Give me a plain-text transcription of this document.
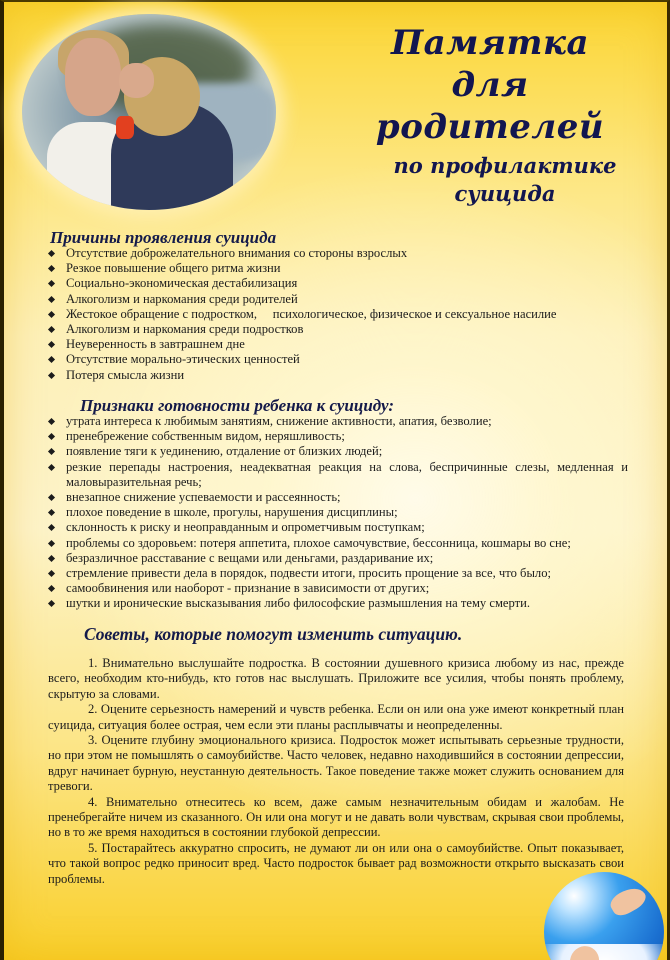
Памятка
для родителей
по профилактике
суицида
Причины проявления суицида
Отсутствие доброжелательного внимания со стороны взрослых
Резкое повышение общего ритма жизни
Социально-экономическая дестабилизация
Алкоголизм и наркомания среди родителей
Жестокое обращение с подростком,     психологическое, физическое и сексуальное насилие
Алкоголизм и наркомания среди подростков
Неуверенность в завтрашнем дне
Отсутствие морально-этических ценностей
Потеря смысла жизни
Признаки готовности ребенка к суициду:
утрата интереса к любимым занятиям, снижение активности, апатия, безволие;
пренебрежение собственным видом, неряшливость;
появление тяги к уединению, отдаление от близких людей;
резкие перепады настроения, неадекватная реакция на слова, беспричинные слезы, медленная и маловыразительная речь;
внезапное снижение успеваемости и рассеянность;
плохое поведение в школе, прогулы, нарушения дисциплины;
склонность к риску и неоправданным и опрометчивым поступкам;
проблемы со здоровьем: потеря аппетита, плохое самочувствие, бессонница, кошмары во сне;
безразличное расставание с вещами или деньгами, раздаривание их;
стремление привести дела в порядок, подвести итоги, просить прощение за все, что было;
самообвинения или наоборот - признание в зависимости от других;
шутки и иронические высказывания либо философские размышления на тему смерти.
Советы, которые помогут изменить ситуацию.

1. Внимательно выслушайте подростка. В состоянии душевного кризиса любому из нас, прежде всего, необходим кто-нибудь, кто готов нас выслушать. Приложите все усилия, чтобы понять проблему, скрытую за словами.

2. Оцените серьезность намерений и чувств ребенка. Если он или она уже имеют конкретный план суицида, ситуация более острая, чем если эти планы расплывчаты и неопределенны.

3. Оцените глубину эмоционального кризиса. Подросток может испытывать серьезные трудности, но при этом не помышлять о самоубийстве. Часто человек, недавно находившийся в состоянии депрессии, вдруг начинает бурную, неустанную деятельность. Такое поведение также может служить основанием для тревоги.

4. Внимательно отнеситесь ко всем, даже самым незначительным обидам и жалобам. Не пренебрегайте ничем из сказанного. Он или она могут и не давать воли чувствам, скрывая свои проблемы, но в то же время находиться в состоянии глубокой депрессии.

5. Постарайтесь аккуратно спросить, не думают ли он или она о самоубийстве. Опыт показывает, что такой вопрос редко приносит вред. Часто подросток бывает рад возможности открыто высказать свои проблемы.
